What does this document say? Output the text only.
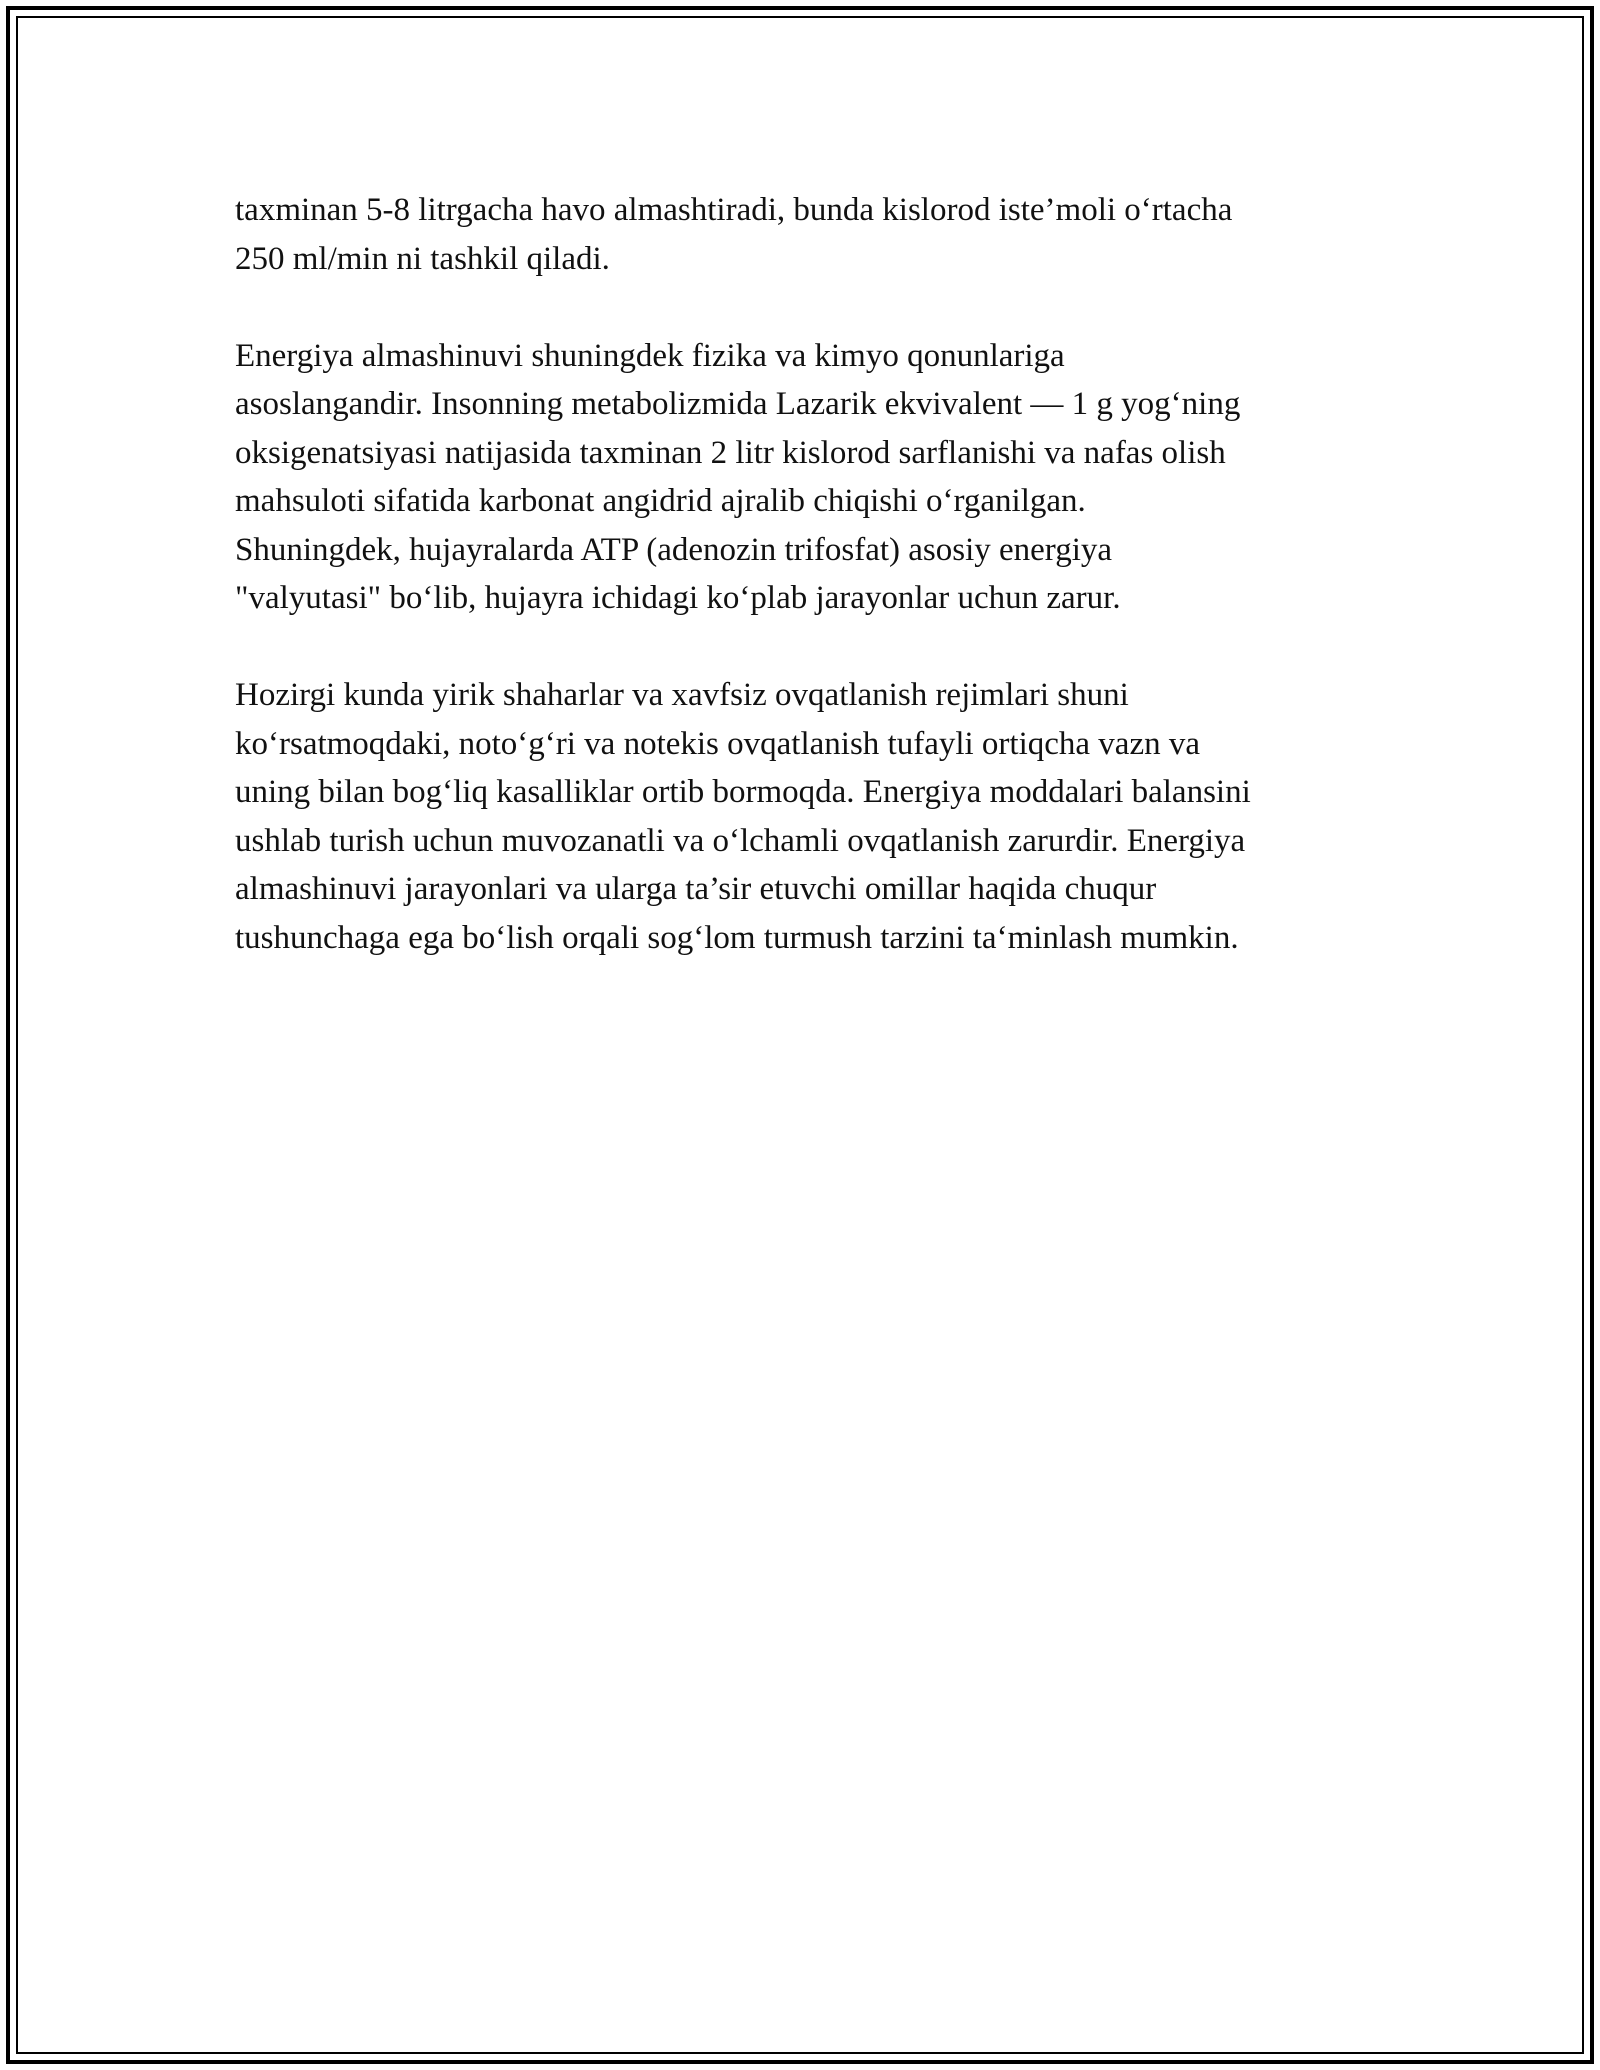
taxminan 5-8 litrgacha havo almashtiradi, bunda kislorod iste’moli o‘rtacha
250 ml/min ni tashkil qiladi.

Energiya almashinuvi shuningdek fizika va kimyo qonunlariga
asoslangandir. Insonning metabolizmida Lazarik ekvivalent — 1 g yog‘ning
oksigenatsiyasi natijasida taxminan 2 litr kislorod sarflanishi va nafas olish
mahsuloti sifatida karbonat angidrid ajralib chiqishi o‘rganilgan.
Shuningdek, hujayralarda ATP (adenozin trifosfat) asosiy energiya
"valyutasi" bo‘lib, hujayra ichidagi ko‘plab jarayonlar uchun zarur.

Hozirgi kunda yirik shaharlar va xavfsiz ovqatlanish rejimlari shuni
ko‘rsatmoqdaki, noto‘g‘ri va notekis ovqatlanish tufayli ortiqcha vazn va
uning bilan bog‘liq kasalliklar ortib bormoqda. Energiya moddalari balansini
ushlab turish uchun muvozanatli va o‘lchamli ovqatlanish zarurdir. Energiya
almashinuvi jarayonlari va ularga ta’sir etuvchi omillar haqida chuqur
tushunchaga ega bo‘lish orqali sog‘lom turmush tarzini ta‘minlash mumkin.
